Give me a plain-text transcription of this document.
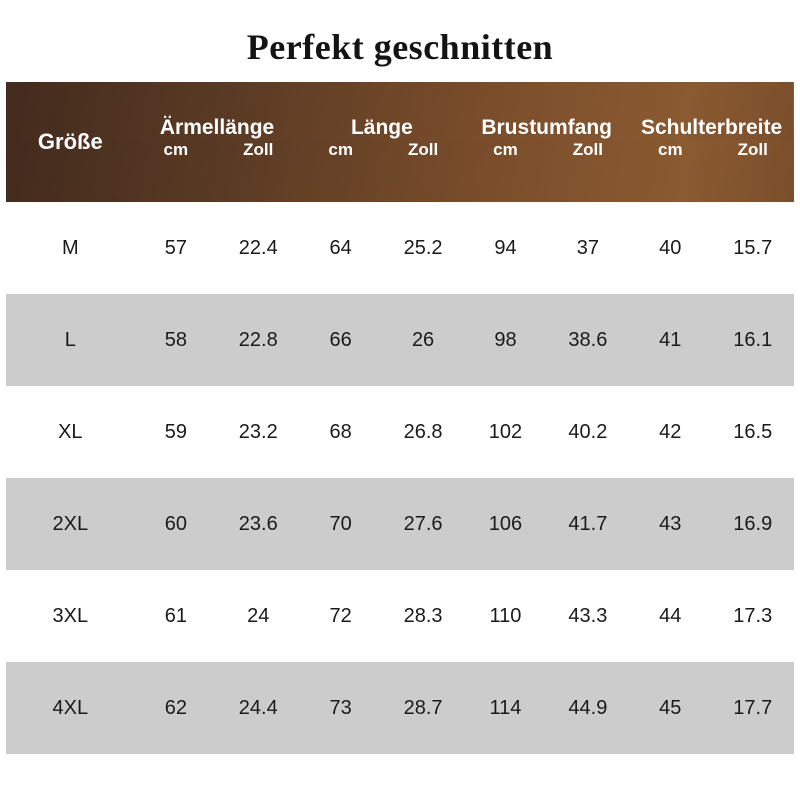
Perfekt geschnitten
Größe	Ärmellänge		Länge		Brustumfang		Schulterbreite	
	cm	Zoll	cm	Zoll	cm	Zoll	cm	Zoll
M	57	22.4	64	25.2	94	37	40	15.7
L	58	22.8	66	26	98	38.6	41	16.1
XL	59	23.2	68	26.8	102	40.2	42	16.5
2XL	60	23.6	70	27.6	106	41.7	43	16.9
3XL	61	24	72	28.3	110	43.3	44	17.3
4XL	62	24.4	73	28.7	114	44.9	45	17.7
